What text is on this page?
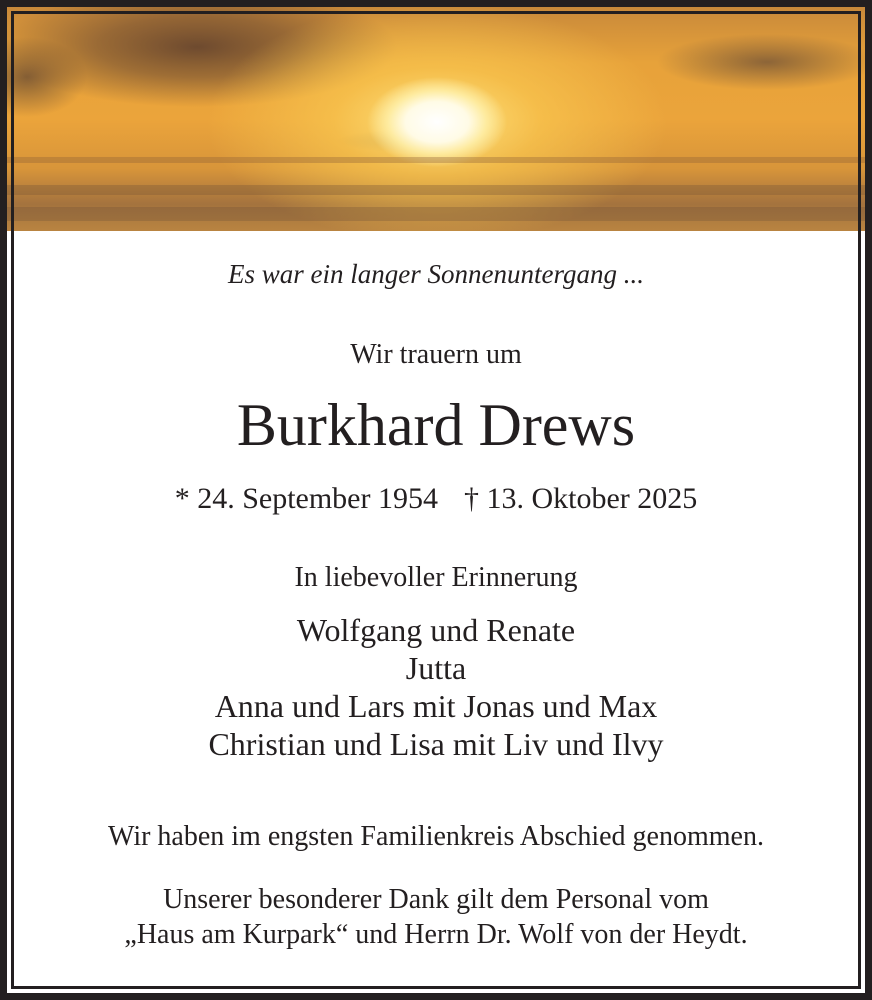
Es war ein langer Sonnenuntergang ...
Wir trauern um
Burkhard Drews
* 24. September 1954 † 13. Oktober 2025
In liebevoller Erinnerung
Wolfgang und Renate
Jutta
Anna und Lars mit Jonas und Max
Christian und Lisa mit Liv und Ilvy
Wir haben im engsten Familienkreis Abschied genommen.
Unserer besonderer Dank gilt dem Personal vom
„Haus am Kurpark“ und Herrn Dr. Wolf von der Heydt.
